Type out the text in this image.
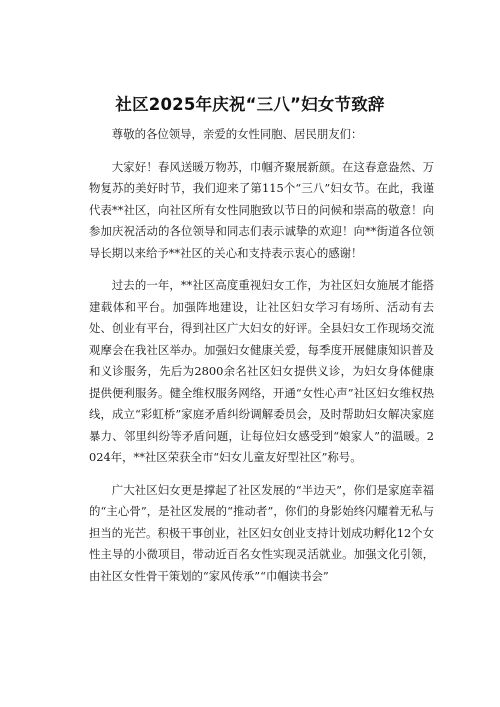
社区2025年庆祝“三八”妇女节致辞

尊敬的各位领导，亲爱的女性同胞、居民朋友们：

大家好！春风送暖万物苏，巾帼齐聚展新颜。在这春意盎然、万物复苏的美好时节，我们迎来了第115个“三八”妇女节。在此，我谨代表**社区，向社区所有女性同胞致以节日的问候和崇高的敬意！向参加庆祝活动的各位领导和同志们表示诚挚的欢迎！向**街道各位领导长期以来给予**社区的关心和支持表示衷心的感谢！

过去的一年，**社区高度重视妇女工作，为社区妇女施展才能搭建载体和平台。加强阵地建设，让社区妇女学习有场所、活动有去处、创业有平台，得到社区广大妇女的好评。全县妇女工作现场交流观摩会在我社区举办。加强妇女健康关爱，每季度开展健康知识普及和义诊服务，先后为2800余名社区妇女提供义诊，为妇女身体健康提供便利服务。健全维权服务网络，开通“女性心声”社区妇女维权热线，成立“彩虹桥”家庭矛盾纠纷调解委员会，及时帮助妇女解决家庭暴力、邻里纠纷等矛盾问题，让每位妇女感受到“娘家人”的温暖。2024年，**社区荣获全市“妇女儿童友好型社区”称号。

广大社区妇女更是撑起了社区发展的“半边天”，你们是家庭幸福的“主心骨”，是社区发展的“推动者”，你们的身影始终闪耀着无私与担当的光芒。积极干事创业，社区妇女创业支持计划成功孵化12个女性主导的小微项目，带动近百名女性实现灵活就业。加强文化引领，由社区女性骨干策划的“家风传承”“巾帼读书会”
